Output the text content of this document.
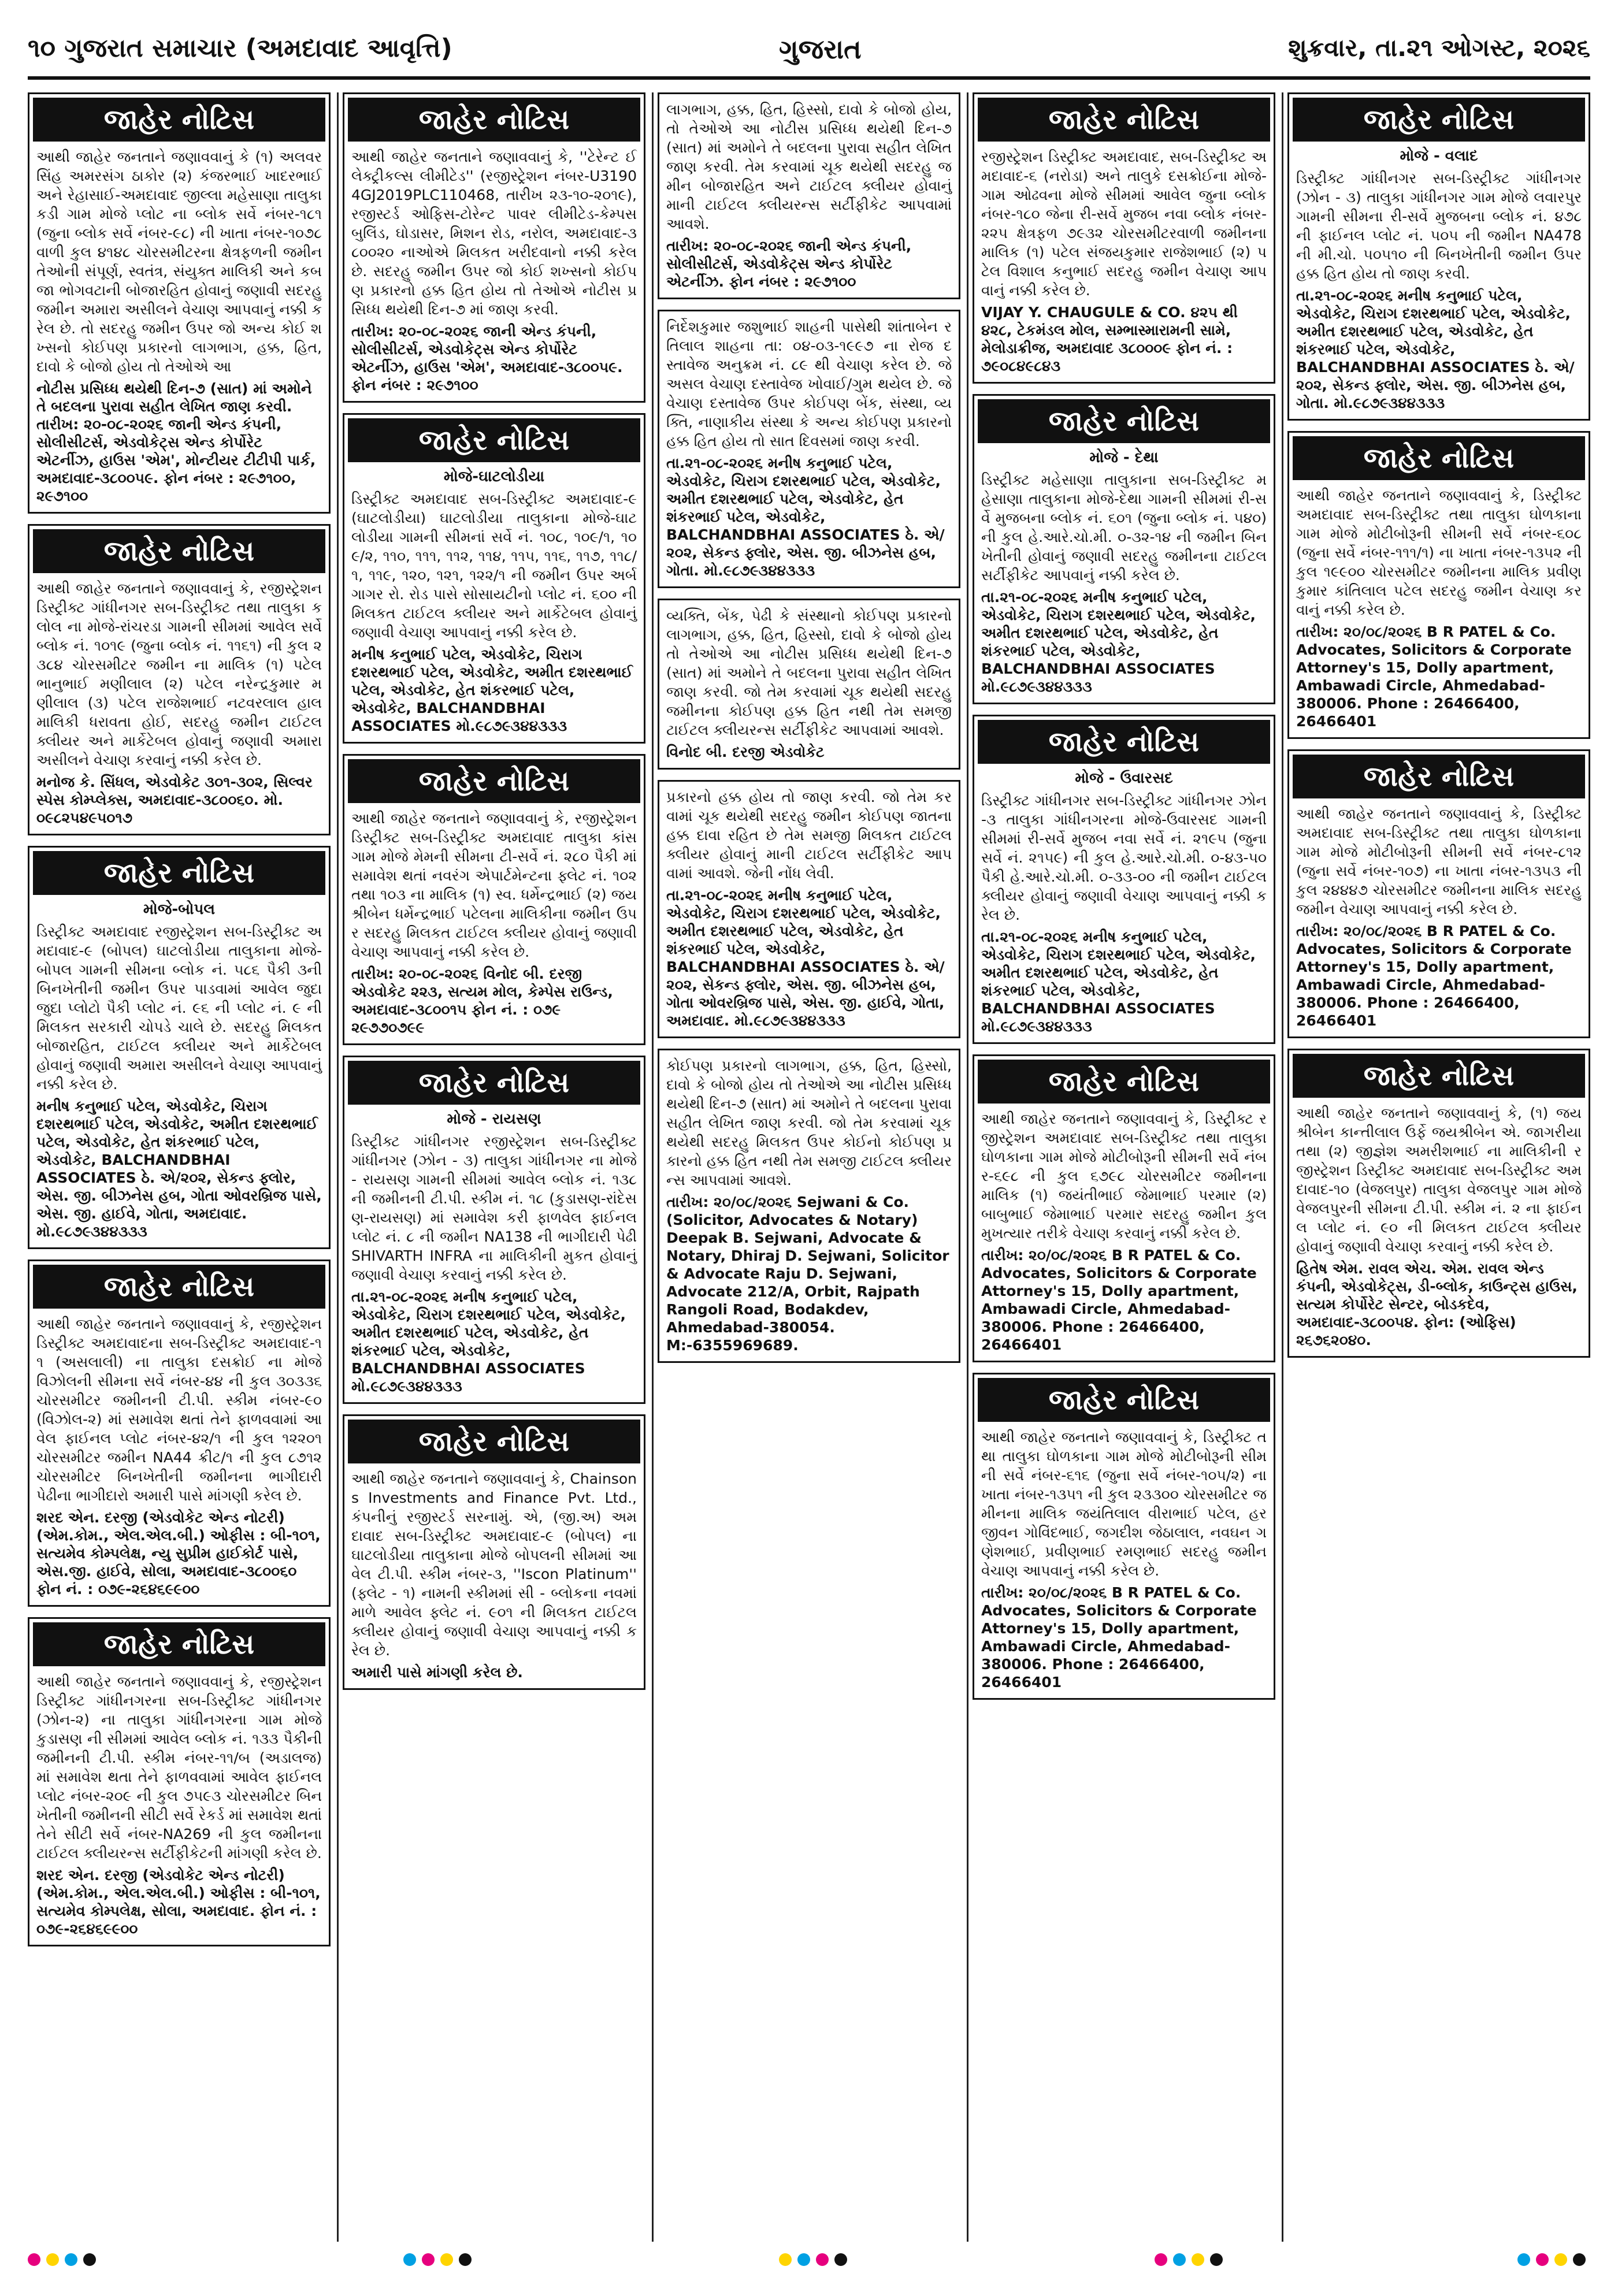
૧૦ ગુજરાત સમાચાર (અમદાવાદ આવૃત્તિ)	ગુજરાત	શુક્રવાર, તા.૨૧ ઓગસ્ટ, ૨૦૨૬
જાહેર નોટિસ
આથી જાહેર જનતાને જણાવવાનું કે (૧) અલવરસિંહ અમરસંગ ઠાકોર (૨) કંજરભાઈ ખાદરભાઈ અને રેહાસાઈ-અમદાવાદ જીલ્લા મહેસાણા તાલુકા કડી ગામ મોજે પ્લોટ ના બ્લોક સર્વે નંબર-૧૮૧ (જુના બ્લોક સર્વે નંબર-૯૮) ની ખાતા નંબર-૧૦૭૮ વાળી કુલ ૪૧૪૮ ચોરસમીટરના ક્ષેત્રફળની જમીન તેઓની સંપૂર્ણ, સ્વતંત્ર, સંયુક્ત માલિકી અને કબજા ભોગવટાની બોજારહિત હોવાનું જણાવી સદરહુ જમીન અમારા અસીલને વેચાણ આપવાનું નક્કી કરેલ છે. તો સદરહુ જમીન ઉપર જો અન્ય કોઈ શખ્સનો કોઈપણ પ્રકારનો લાગભાગ, હક્ક, હિત, દાવો કે બોજો હોય તો તેઓએ આ
નોટીસ પ્રસિધ્ધ થયેથી દિન-૭ (સાત) માં અમોને તે બદલના પુરાવા સહીત લેખિત જાણ કરવી. તારીખ: ૨૦-૦૮-૨૦૨૬ જાની એન્ડ કંપની, સોલીસીટર્સ, એડવોકેટ્સ એન્ડ કોર્પોરેટ એટર્નીઝ, હાઉસ 'એમ', મોન્ટીયર ટીટીપી પાર્ક, અમદાવાદ-૩૮૦૦૫૯. ફોન નંબર : ૨૯૭૧૦૦, ૨૯૭૧૦૦
જાહેર નોટિસ
આથી જાહેર જનતાને જણાવવાનું કે, રજીસ્ટ્રેશન ડિસ્ટ્રીક્ટ ગાંધીનગર સબ-ડિસ્ટ્રીક્ટ તથા તાલુકા કલોલ ના મોજે-રાંચરડા ગામની સીમમાં આવેલ સર્વે બ્લોક નં. ૧૦૧૯ (જુના બ્લોક નં. ૧૧૬૧) ની કુલ ૨૩૮૪ ચોરસમીટર જમીન ના માલિક (૧) પટેલ ભાનુભાઈ મણીલાલ (૨) પટેલ નરેન્દ્રકુમાર મણીલાલ (૩) પટેલ રાજેશભાઈ નટવરલાલ હાલ માલિકી ધરાવતા હોઈ, સદરહુ જમીન ટાઈટલ ક્લીયર અને માર્કેટેબલ હોવાનું જણાવી અમારા અસીલને વેચાણ કરવાનું નક્કી કરેલ છે.
મનોજ કે. સિંધલ, એડવોકેટ ૩૦૧-૩૦૨, સિલ્વર સ્પેસ કોમ્પ્લેક્સ, અમદાવાદ-૩૮૦૦૬૦. મો. ૦૯૮૨૫૪૯૫૦૧૭
જાહેર નોટિસ
મોજે-બોપલ
ડિસ્ટ્રીક્ટ અમદાવાદ રજીસ્ટ્રેશન સબ-ડિસ્ટ્રીક્ટ અમદાવાદ-૯ (બોપલ) ઘાટલોડીયા તાલુકાના મોજે-બોપલ ગામની સીમના બ્લોક નં. ૫૮૬ પૈકી ૩ની બિનખેતીની જમીન ઉપર પાડવામાં આવેલ જુદા જુદા પ્લોટો પૈકી પ્લોટ નં. ૯૬ ની પ્લોટ નં. ૯ ની મિલકત સરકારી ચોપડે ચાલે છે. સદરહુ મિલકત બોજારહિત, ટાઈટલ ક્લીયર અને માર્કેટેબલ હોવાનું જણાવી અમારા અસીલને વેચાણ આપવાનું નક્કી કરેલ છે.
મનીષ કનુભાઈ પટેલ, એડવોકેટ, ચિરાગ દશરથભાઈ પટેલ, એડવોકેટ, અમીત દશરથભાઈ પટેલ, એડવોકેટ, હેત શંકરભાઈ પટેલ, એડવોકેટ, BALCHANDBHAI ASSOCIATES ઠે. એ/૨૦૨, સેકન્ડ ફ્લોર, એસ. જી. બીઝનેસ હબ, ગોતા ઓવરબ્રિજ પાસે, એસ. જી. હાઈવે, ગોતા, અમદાવાદ. મો.૯૮૭૯૩૪૪૩૩૩
જાહેર નોટિસ
આથી જાહેર જનતાને જણાવવાનું કે, રજીસ્ટ્રેશન ડિસ્ટ્રીક્ટ અમદાવાદના સબ-ડિસ્ટ્રીક્ટ અમદાવાદ-૧૧ (અસલાલી) ના તાલુકા દસક્રોઈ ના મોજે વિઝોલની સીમના સર્વે નંબર-૪૪ ની કુલ ૩૦૩૩૬ ચોરસમીટર જમીનની ટી.પી. સ્કીમ નંબર-૯૦ (વિઝોલ-૨) માં સમાવેશ થતાં તેને ફાળવવામાં આવેલ ફાઈનલ પ્લોટ નંબર-૪૨/૧ ની કુલ ૧૨૨૦૧ ચોરસમીટર જમીન NA44 ક્રીટ/૧ ની કુલ ૮૭૧૨ ચોરસમીટર બિનખેતીની જમીનના ભાગીદારી પેઢીના ભાગીદારો અમારી પાસે માંગણી કરેલ છે.
શરદ એન. દરજી (એડવોકેટ એન્ડ નોટરી) (એમ.કોમ., એલ.એલ.બી.) ઓફીસ : બી-૧૦૧, સત્યમેવ કોમ્પલેક્ષ, ન્યુ સુપ્રીમ હાઈકોર્ટ પાસે, એસ.જી. હાઈવે, સોલા, અમદાવાદ-૩૮૦૦૬૦ ફોન નં. : ૦૭૯-૨૬૪૬૯૯૦૦
જાહેર નોટિસ
આથી જાહેર જનતાને જણાવવાનું કે, રજીસ્ટ્રેશન ડિસ્ટ્રીક્ટ ગાંધીનગરના સબ-ડિસ્ટ્રીક્ટ ગાંધીનગર (ઝોન-૨) ના તાલુકા ગાંધીનગરના ગામ મોજે કુડાસણ ની સીમમાં આવેલ બ્લોક નં. ૧૩૩ પૈકીની જમીનની ટી.પી. સ્કીમ નંબર-૧૧/બ (અડાલજ) માં સમાવેશ થતા તેને ફાળવવામાં આવેલ ફાઈનલ પ્લોટ નંબર-૨૦૯ ની કુલ ૭૫૯૩ ચોરસમીટર બિનખેતીની જમીનની સીટી સર્વે રેકર્ડ માં સમાવેશ થતાં તેને સીટી સર્વે નંબર-NA269 ની કુલ જમીનના ટાઈટલ ક્લીયરન્સ સર્ટીફીકેટની માંગણી કરેલ છે.
શરદ એન. દરજી (એડવોકેટ એન્ડ નોટરી) (એમ.કોમ., એલ.એલ.બી.) ઓફીસ : બી-૧૦૧, સત્યમેવ કોમ્પલેક્ષ, સોલા, અમદાવાદ. ફોન નં. : ૦૭૯-૨૬૪૬૯૯૦૦
જાહેર નોટિસ
આથી જાહેર જનતાને જણાવવાનું કે, ''ટેરેન્ટ ઈલેક્ટ્રીકલ્સ લીમીટેડ'' (રજીસ્ટ્રેશન નંબર-U31904GJ2019PLC110468, તારીખ ૨૩-૧૦-૨૦૧૯), રજીસ્ટર્ડ ઓફિસ-ટોરેન્ટ પાવર લીમીટેડ-કેમ્પસ બુલિંડ, ઘોડાસર, મિશન રોડ, નરોલ, અમદાવાદ-૩૮૦૦૨૦ નાઓએ મિલકત ખરીદવાનો નક્કી કરેલ છે. સદરહુ જમીન ઉપર જો કોઈ શખ્સનો કોઈપણ પ્રકારનો હક્ક હિત હોય તો તેઓએ નોટીસ પ્રસિધ્ધ થયેથી દિન-૭ માં જાણ કરવી.
તારીખ: ૨૦-૦૮-૨૦૨૬ જાની એન્ડ કંપની, સોલીસીટર્સ, એડવોકેટ્સ એન્ડ કોર્પોરેટ એટર્નીઝ, હાઉસ 'એમ', અમદાવાદ-૩૮૦૦૫૯. ફોન નંબર : ૨૯૭૧૦૦
જાહેર નોટિસ
મોજે-ઘાટલોડીયા
ડિસ્ટ્રીક્ટ અમદાવાદ સબ-ડિસ્ટ્રીક્ટ અમદાવાદ-૯ (ઘાટલોડીયા) ઘાટલોડીયા તાલુકાના મોજે-ઘાટલોડીયા ગામની સીમનાં સર્વે નં. ૧૦૮, ૧૦૯/૧, ૧૦૯/૨, ૧૧૦, ૧૧૧, ૧૧૨, ૧૧૪, ૧૧૫, ૧૧૬, ૧૧૭, ૧૧૮/૧, ૧૧૯, ૧૨૦, ૧૨૧, ૧૨૨/૧ ની જમીન ઉપર અર્બગાગર રો. રોડ પાસે સોસાયટીનો પ્લોટ નં. ૬૦૦ ની મિલકત ટાઈટલ ક્લીયર અને માર્કેટેબલ હોવાનું જણાવી વેચાણ આપવાનું નક્કી કરેલ છે.
મનીષ કનુભાઈ પટેલ, એડવોકેટ, ચિરાગ દશરથભાઈ પટેલ, એડવોકેટ, અમીત દશરથભાઈ પટેલ, એડવોકેટ, હેત શંકરભાઈ પટેલ, એડવોકેટ, BALCHANDBHAI ASSOCIATES મો.૯૮૭૯૩૪૪૩૩૩
જાહેર નોટિસ
આથી જાહેર જનતાને જણાવવાનું કે, રજીસ્ટ્રેશન ડિસ્ટ્રીક્ટ સબ-ડિસ્ટ્રીક્ટ અમદાવાદ તાલુકા કાંસ ગામ મોજે મેમની સીમના ટી-સર્વે નં. ૨૮૦ પૈકી માં સમાવેશ થતાં નવરંગ એપાર્ટમેન્ટના ફ્લેટ નં. ૧૦૨ તથા ૧૦૩ ના માલિક (૧) સ્વ. ધર્મેન્દ્રભાઈ (૨) જયશ્રીબેન ધર્મેન્દ્રભાઈ પટેલના માલિકીના જમીન ઉપર સદરહુ મિલકત ટાઈટલ ક્લીયર હોવાનું જણાવી વેચાણ આપવાનું નક્કી કરેલ છે.
તારીખ: ૨૦-૦૮-૨૦૨૬ વિનોદ બી. દરજી એડવોકેટ ૨૨૩, સત્યમ મોલ, કેમ્પેસ રાઉન્ડ, અમદાવાદ-૩૮૦૦૧૫ ફોન નં. : ૦૭૯ ૨૯૭૭૦૭૯૯
જાહેર નોટિસ
મોજે - રાયસણ
ડિસ્ટ્રીક્ટ ગાંધીનગર રજીસ્ટ્રેશન સબ-ડિસ્ટ્રીક્ટ ગાંધીનગર (ઝોન - ૩) તાલુકા ગાંધીનગર ના મોજે - રાયસણ ગામની સીમમાં આવેલ બ્લોક નં. ૧૩૮ ની જમીનની ટી.પી. સ્કીમ નં. ૧૮ (કુડાસણ-રાંદેસણ-રાયસણ) માં સમાવેશ કરી ફાળવેલ ફાઈનલ પ્લોટ નં. ૮ ની જમીન NA138 ની ભાગીદારી પેઢી SHIVARTH INFRA ના માલિકીની મુકત હોવાનું જણાવી વેચાણ કરવાનું નક્કી કરેલ છે.
તા.૨૧-૦૮-૨૦૨૬ મનીષ કનુભાઈ પટેલ, એડવોકેટ, ચિરાગ દશરથભાઈ પટેલ, એડવોકેટ, અમીત દશરથભાઈ પટેલ, એડવોકેટ, હેત શંકરભાઈ પટેલ, એડવોકેટ, BALCHANDBHAI ASSOCIATES મો.૯૮૭૯૩૪૪૩૩૩
જાહેર નોટિસ
આથી જાહેર જનતાને જણાવવાનું કે, Chainsons Investments and Finance Pvt. Ltd., કંપનીનું રજીસ્ટર્ડ સરનામું. એ, (જી.અ) અમદાવાદ સબ-ડિસ્ટ્રીક્ટ અમદાવાદ-૯ (બોપલ) ના ઘાટલોડીયા તાલુકાના મોજે બોપલની સીમમાં આવેલ ટી.પી. સ્કીમ નંબર-૩, ''Iscon Platinum'' (ફ્લેટ - ૧) નામની સ્કીમમાં સી - બ્લોકના નવમાં માળે આવેલ ફ્લેટ નં. ૯૦૧ ની મિલકત ટાઈટલ ક્લીયર હોવાનું જણાવી વેચાણ આપવાનું નક્કી કરેલ છે.
અમારી પાસે માંગણી કરેલ છે.
લાગભાગ, હક્ક, હિત, હિસ્સો, દાવો કે બોજો હોય, તો તેઓએ આ નોટીસ પ્રસિધ્ધ થયેથી દિન-૭ (સાત) માં અમોને તે બદલના પુરાવા સહીત લેખિત જાણ કરવી. તેમ કરવામાં ચૂક થયેથી સદરહુ જમીન બોજારહિત અને ટાઈટલ ક્લીયર હોવાનું માની ટાઈટલ ક્લીયરન્સ સર્ટીફીકેટ આપવામાં આવશે.
તારીખ: ૨૦-૦૮-૨૦૨૬ જાની એન્ડ કંપની, સોલીસીટર્સ, એડવોકેટ્સ એન્ડ કોર્પોરેટ એટર્નીઝ. ફોન નંબર : ૨૯૭૧૦૦
નિર્દેશકુમાર જશુભાઈ શાહની પાસેથી શાંતાબેન રતિલાલ શાહના તા: ૦૪-૦૩-૧૯૯૭ ના રોજ દસ્તાવેજ અનુક્રમ નં. ૮૯ થી વેચાણ કરેલ છે. જે અસલ વેચાણ દસ્તાવેજ ખોવાઈ/ગુમ થયેલ છે. જે વેચાણ દસ્તાવેજ ઉપર કોઈપણ બેંક, સંસ્થા, વ્યક્તિ, નાણાકીય સંસ્થા કે અન્ય કોઈપણ પ્રકારનો હક્ક હિત હોય તો સાત દિવસમાં જાણ કરવી.
તા.૨૧-૦૮-૨૦૨૬ મનીષ કનુભાઈ પટેલ, એડવોકેટ, ચિરાગ દશરથભાઈ પટેલ, એડવોકેટ, અમીત દશરથભાઈ પટેલ, એડવોકેટ, હેત શંકરભાઈ પટેલ, એડવોકેટ, BALCHANDBHAI ASSOCIATES ઠે. એ/૨૦૨, સેકન્ડ ફ્લોર, એસ. જી. બીઝનેસ હબ, ગોતા. મો.૯૮૭૯૩૪૪૩૩૩
વ્યક્તિ, બેંક, પેઢી કે સંસ્થાનો કોઈપણ પ્રકારનો લાગભાગ, હક્ક, હિત, હિસ્સો, દાવો કે બોજો હોય તો તેઓએ આ નોટીસ પ્રસિધ્ધ થયેથી દિન-૭ (સાત) માં અમોને તે બદલના પુરાવા સહીત લેખિત જાણ કરવી. જો તેમ કરવામાં ચૂક થયેથી સદરહુ જમીનના કોઈપણ હક્ક હિત નથી તેમ સમજી ટાઈટલ ક્લીયરન્સ સર્ટીફીકેટ આપવામાં આવશે.
વિનોદ બી. દરજી એડવોકેટ
પ્રકારનો હક્ક હોય તો જાણ કરવી. જો તેમ કરવામાં ચૂક થયેથી સદરહુ જમીન કોઈપણ જાતના હક્ક દાવા રહિત છે તેમ સમજી મિલકત ટાઈટલ ક્લીયર હોવાનું માની ટાઈટલ સર્ટીફીકેટ આપવામાં આવશે. જેની નોંધ લેવી.
તા.૨૧-૦૮-૨૦૨૬ મનીષ કનુભાઈ પટેલ, એડવોકેટ, ચિરાગ દશરથભાઈ પટેલ, એડવોકેટ, અમીત દશરથભાઈ પટેલ, એડવોકેટ, હેત શંકરભાઈ પટેલ, એડવોકેટ, BALCHANDBHAI ASSOCIATES ઠે. એ/૨૦૨, સેકન્ડ ફ્લોર, એસ. જી. બીઝનેસ હબ, ગોતા ઓવરબ્રિજ પાસે, એસ. જી. હાઈવે, ગોતા, અમદાવાદ. મો.૯૮૭૯૩૪૪૩૩૩
કોઈપણ પ્રકારનો લાગભાગ, હક્ક, હિત, હિસ્સો, દાવો કે બોજો હોય તો તેઓએ આ નોટીસ પ્રસિધ્ધ થયેથી દિન-૭ (સાત) માં અમોને તે બદલના પુરાવા સહીત લેખિત જાણ કરવી. જો તેમ કરવામાં ચૂક થયેથી સદરહુ મિલકત ઉપર કોઈનો કોઈપણ પ્રકારનો હક્ક હિત નથી તેમ સમજી ટાઈટલ ક્લીયરન્સ આપવામાં આવશે.
તારીખ: ૨૦/૦૮/૨૦૨૬ Sejwani & Co. (Solicitor, Advocates & Notary) Deepak B. Sejwani, Advocate & Notary, Dhiraj D. Sejwani, Solicitor & Advocate Raju D. Sejwani, Advocate 212/A, Orbit, Rajpath Rangoli Road, Bodakdev, Ahmedabad-380054. M:-6355969689.
જાહેર નોટિસ
રજીસ્ટ્રેશન ડિસ્ટ્રીક્ટ અમદાવાદ, સબ-ડિસ્ટ્રીક્ટ અમદાવાદ-૬ (નરોડા) અને તાલુકે દસક્રોઈના મોજે-ગામ ઓઢવના મોજે સીમમાં આવેલ જુના બ્લોક નંબર-૧૮૦ જેના રી-સર્વે મુજબ નવા બ્લોક નંબર-૨૨૫ ક્ષેત્રફળ ૭૯૩૨ ચોરસમીટરવાળી જમીનના માલિક (૧) પટેલ સંજયકુમાર રાજેશભાઈ (૨) પટેલ વિશાલ કનુભાઈ સદરહુ જમીન વેચાણ આપવાનું નક્કી કરેલ છે.
VIJAY Y. CHAUGULE & CO. ૪૨૫ થી ૪૨૮, ટેકમંડલ મોલ, સમ્ભાસ્મારામની સામે, મેલોડાક્રીજ, અમદાવાદ ૩૮૦૦૦૯ ફોન નં. : ૭૯૦૮૪૯૮૪૩
જાહેર નોટિસ
મોજે - દેથા
ડિસ્ટ્રીક્ટ મહેસાણા તાલુકાના સબ-ડિસ્ટ્રીક્ટ મહેસાણા તાલુકાના મોજે-દેથા ગામની સીમમાં રી-સર્વે મુજબના બ્લોક નં. ૬૦૧ (જુના બ્લોક નં. ૫૪૦) ની કુલ હે.આરે.ચો.મી. ૦-૩૨-૧૪ ની જમીન બિનખેતીની હોવાનું જણાવી સદરહુ જમીનના ટાઈટલ સર્ટીફીકેટ આપવાનું નક્કી કરેલ છે.
તા.૨૧-૦૮-૨૦૨૬ મનીષ કનુભાઈ પટેલ, એડવોકેટ, ચિરાગ દશરથભાઈ પટેલ, એડવોકેટ, અમીત દશરથભાઈ પટેલ, એડવોકેટ, હેત શંકરભાઈ પટેલ, એડવોકેટ, BALCHANDBHAI ASSOCIATES મો.૯૮૭૯૩૪૪૩૩૩
જાહેર નોટિસ
મોજે - ઉવારસદ
ડિસ્ટ્રીક્ટ ગાંધીનગર સબ-ડિસ્ટ્રીક્ટ ગાંધીનગર ઝોન-૩ તાલુકા ગાંધીનગરના મોજે-ઉવારસદ ગામની સીમમાં રી-સર્વે મુજબ નવા સર્વે નં. ૨૧૯૫ (જુના સર્વે નં. ૨૧૫૯) ની કુલ હે.આરે.ચો.મી. ૦-૪૩-૫૦ પૈકી હે.આરે.ચો.મી. ૦-૩૩-૦૦ ની જમીન ટાઈટલ ક્લીયર હોવાનું જણાવી વેચાણ આપવાનું નક્કી કરેલ છે.
તા.૨૧-૦૮-૨૦૨૬ મનીષ કનુભાઈ પટેલ, એડવોકેટ, ચિરાગ દશરથભાઈ પટેલ, એડવોકેટ, અમીત દશરથભાઈ પટેલ, એડવોકેટ, હેત શંકરભાઈ પટેલ, એડવોકેટ, BALCHANDBHAI ASSOCIATES મો.૯૮૭૯૩૪૪૩૩૩
જાહેર નોટિસ
આથી જાહેર જનતાને જણાવવાનું કે, ડિસ્ટ્રીક્ટ રજીસ્ટ્રેશન અમદાવાદ સબ-ડિસ્ટ્રીક્ટ તથા તાલુકા ઘોળકાના ગામ મોજે મોટીબોરૂની સીમની સર્વે નંબર-૬૯૮ ની કુલ ૬૭૯૮ ચોરસમીટર જમીનના માલિક (૧) જયંતીભાઈ જેમાભાઈ પરમાર (૨) બાબુભાઈ જેમાભાઈ પરમાર સદરહુ જમીન કુલ મુખત્યાર તરીકે વેચાણ કરવાનું નક્કી કરેલ છે.
તારીખ: ૨૦/૦૮/૨૦૨૬ B R PATEL & Co. Advocates, Solicitors & Corporate Attorney's 15, Dolly apartment, Ambawadi Circle, Ahmedabad-380006. Phone : 26466400, 26466401
જાહેર નોટિસ
આથી જાહેર જનતાને જણાવવાનું કે, ડિસ્ટ્રીક્ટ તથા તાલુકા ઘોળકાના ગામ મોજે મોટીબોરૂની સીમની સર્વે નંબર-૬૧૬ (જુના સર્વે નંબર-૧૦૫/૨) ના ખાતા નંબર-૧૩૫૧ ની કુલ ૨૩૩૦૦ ચોરસમીટર જમીનના માલિક જયંતિલાલ વીરાભાઈ પટેલ, હરજીવન ગોવિંદભાઈ, જગદીશ જેઠાલાલ, નવઘન ગણેશભાઈ, પ્રવીણભાઈ રમણભાઈ સદરહુ જમીન વેચાણ આપવાનું નક્કી કરેલ છે.
તારીખ: ૨૦/૦૮/૨૦૨૬ B R PATEL & Co. Advocates, Solicitors & Corporate Attorney's 15, Dolly apartment, Ambawadi Circle, Ahmedabad-380006. Phone : 26466400, 26466401
જાહેર નોટિસ
મોજે - વલાદ
ડિસ્ટ્રીક્ટ ગાંધીનગર સબ-ડિસ્ટ્રીક્ટ ગાંધીનગર (ઝોન - ૩) તાલુકા ગાંધીનગર ગામ મોજે લવારપુર ગામની સીમના રી-સર્વે મુજબના બ્લોક નં. ૪૭૮ ની ફાઈનલ પ્લોટ નં. ૫૦૫ ની જમીન NA478 ની મી.ચો. ૫૦૫૧૦ ની બિનખેતીની જમીન ઉપર હક્ક હિત હોય તો જાણ કરવી.
તા.૨૧-૦૮-૨૦૨૬ મનીષ કનુભાઈ પટેલ, એડવોકેટ, ચિરાગ દશરથભાઈ પટેલ, એડવોકેટ, અમીત દશરથભાઈ પટેલ, એડવોકેટ, હેત શંકરભાઈ પટેલ, એડવોકેટ, BALCHANDBHAI ASSOCIATES ઠે. એ/૨૦૨, સેકન્ડ ફ્લોર, એસ. જી. બીઝનેસ હબ, ગોતા. મો.૯૮૭૯૩૪૪૩૩૩
જાહેર નોટિસ
આથી જાહેર જનતાને જણાવવાનું કે, ડિસ્ટ્રીક્ટ અમદાવાદ સબ-ડિસ્ટ્રીક્ટ તથા તાલુકા ઘોળકાના ગામ મોજે મોટીબોરૂની સીમની સર્વે નંબર-૬૦૮ (જુના સર્વે નંબર-૧૧૧/૧) ના ખાતા નંબર-૧૩૫૨ ની કુલ ૧૯૯૦૦ ચોરસમીટર જમીનના માલિક પ્રવીણકુમાર કાંતિલાલ પટેલ સદરહુ જમીન વેચાણ કરવાનું નક્કી કરેલ છે.
તારીખ: ૨૦/૦૮/૨૦૨૬ B R PATEL & Co. Advocates, Solicitors & Corporate Attorney's 15, Dolly apartment, Ambawadi Circle, Ahmedabad-380006. Phone : 26466400, 26466401
જાહેર નોટિસ
આથી જાહેર જનતાને જણાવવાનું કે, ડિસ્ટ્રીક્ટ અમદાવાદ સબ-ડિસ્ટ્રીક્ટ તથા તાલુકા ઘોળકાના ગામ મોજે મોટીબોરૂની સીમની સર્વે નંબર-૮૧૨ (જુના સર્વે નંબર-૧૦૭) ના ખાતા નંબર-૧૩૫૩ ની કુલ ૨૪૪૪૭ ચોરસમીટર જમીનના માલિક સદરહુ જમીન વેચાણ આપવાનું નક્કી કરેલ છે.
તારીખ: ૨૦/૦૮/૨૦૨૬ B R PATEL & Co. Advocates, Solicitors & Corporate Attorney's 15, Dolly apartment, Ambawadi Circle, Ahmedabad-380006. Phone : 26466400, 26466401
જાહેર નોટિસ
આથી જાહેર જનતાને જણાવવાનું કે, (૧) જયશ્રીબેન કાન્તીલાલ ઉર્ફે જયશ્રીબેન એ. જાગરીયા તથા (૨) જીજ્ઞેશ અમરીશભાઈ ના માલિકીની રજીસ્ટ્રેશન ડિસ્ટ્રીક્ટ અમદાવાદ સબ-ડિસ્ટ્રીક્ટ અમદાવાદ-૧૦ (વેજલપુર) તાલુકા વેજલપુર ગામ મોજે વેજલપુરની સીમના ટી.પી. સ્કીમ નં. ૨ ના ફાઈનલ પ્લોટ નં. ૯૦ ની મિલકત ટાઈટલ ક્લીયર હોવાનું જણાવી વેચાણ કરવાનું નક્કી કરેલ છે.
હિતેષ એમ. રાવલ એચ. એમ. રાવલ એન્ડ કંપની, એડવોકેટ્સ, ડી-બ્લોક, કાઉન્ટ્સ હાઉસ, સત્યમ કોર્પોરેટ સેન્ટર, બોડકદેવ, અમદાવાદ-૩૮૦૦૫૪. ફોન: (ઓફિસ) ૨૬૭૬૨૦૪૦.
